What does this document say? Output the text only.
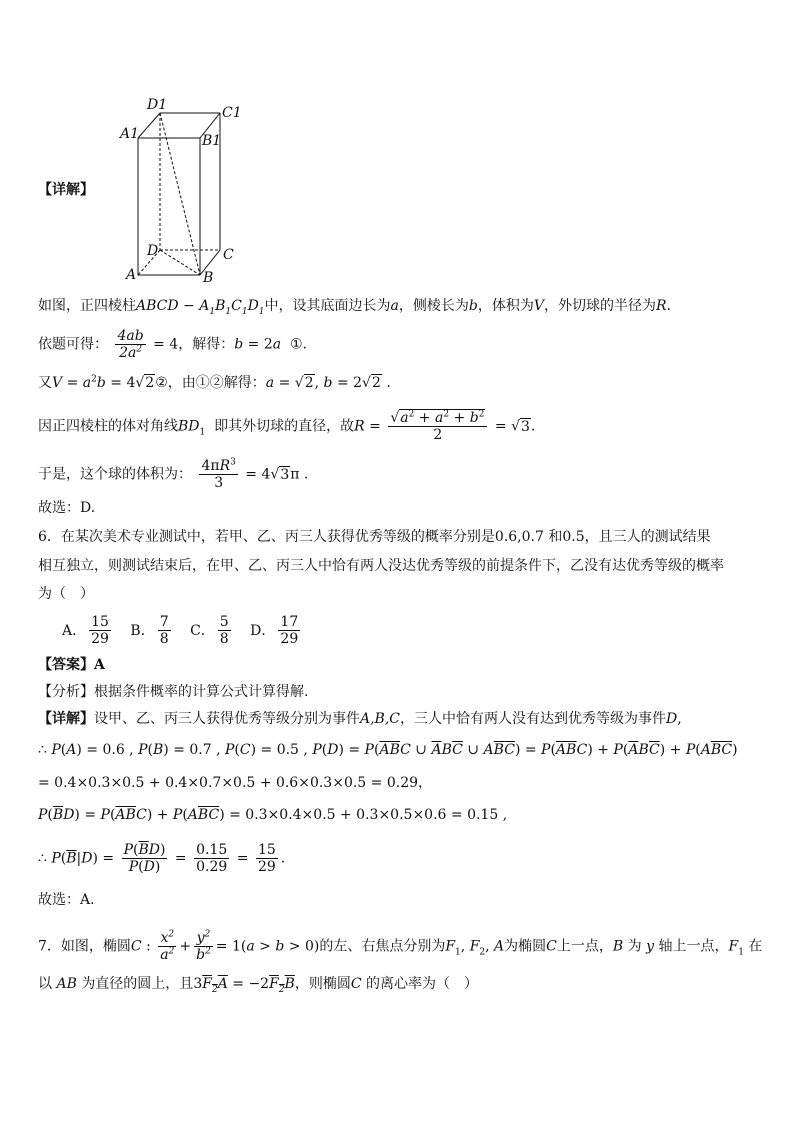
D1	C1
A1	B1
D	C
A	B
【详解】
如图，正四棱柱ABCD − $A_1B_1C_1D_1$中，设其底面边长为a，侧棱长为b，体积为V，外切球的半径为R.
依题可得： $\frac{4ab}{2a^2} = 4$，解得：b = 2a ①.
又$V = a^2b$ = 4√2②，由①②解得：a = √2, b = 2√2 .
因正四棱柱的体对角线$BD_1$ 即其外切球的直径，故$R = \frac{√a^2 + a^2 + b^2}{2} = √3$.
于是，这个球的体积为： $\frac{4\pi R^3}{3} = 4√3\pi$ .
故选：D.
6．在某次美术专业测试中，若甲、乙、丙三人获得优秀等级的概率分别是0.6,0.7 和0.5，且三人的测试结果
相互独立，则测试结束后，在甲、乙、丙三人中恰有两人没达优秀等级的前提条件下，乙没有达优秀等级的概率
为（　）
A． $\frac{15}{29}$ B． $\frac{7}{8}$ C． $\frac{5}{8}$ D． $\frac{17}{29}$
【答案】A
【分析】根据条件概率的计算公式计算得解.
【详解】设甲、乙、丙三人获得优秀等级分别为事件A,B,C，三人中恰有两人没有达到优秀等级为事件D,
∴ P(A) = 0.6 , P(B) = 0.7 , P(C) = 0.5 , $P(D) = P(\overline{A}\overline{B}C$ ∪ $\overline{A}B\overline{C}$ ∪ $A\overline{B}\overline{C}) = P(\overline{A}\overline{B}C) + P(\overline{A}B\overline{C}) + P(A\overline{B}\overline{C})$
= 0.4×0.3×0.5 + 0.4×0.7×0.5 + 0.6×0.3×0.5 = 0.29，
$P(\overline{B}D) = P(\overline{A}\overline{B}C) + P(A\overline{B}\overline{C}) = 0.3\times 0.4\times 0.5 + 0.3\times 0.5\times 0.6 = 0.15$ ,
∴ $P(\overline{B}|D) = \frac{P(\overline{B}D)}{P(D)} = \frac{0.15}{0.29} = \frac{15}{29}$ .
故选：A.
7．如图，椭圆C : $\frac{x^2}{a^2} + \frac{y^2}{b^2} = 1(a > b > 0)$的左、右焦点分别为$F_1$, $F_2$, A为椭圆C上一点，B 为 y 轴上一点，$F_1$ 在
以 AB 为直径的圆上，且$3F_2A = -2F_2B$，则椭圆C 的离心率为（　）
